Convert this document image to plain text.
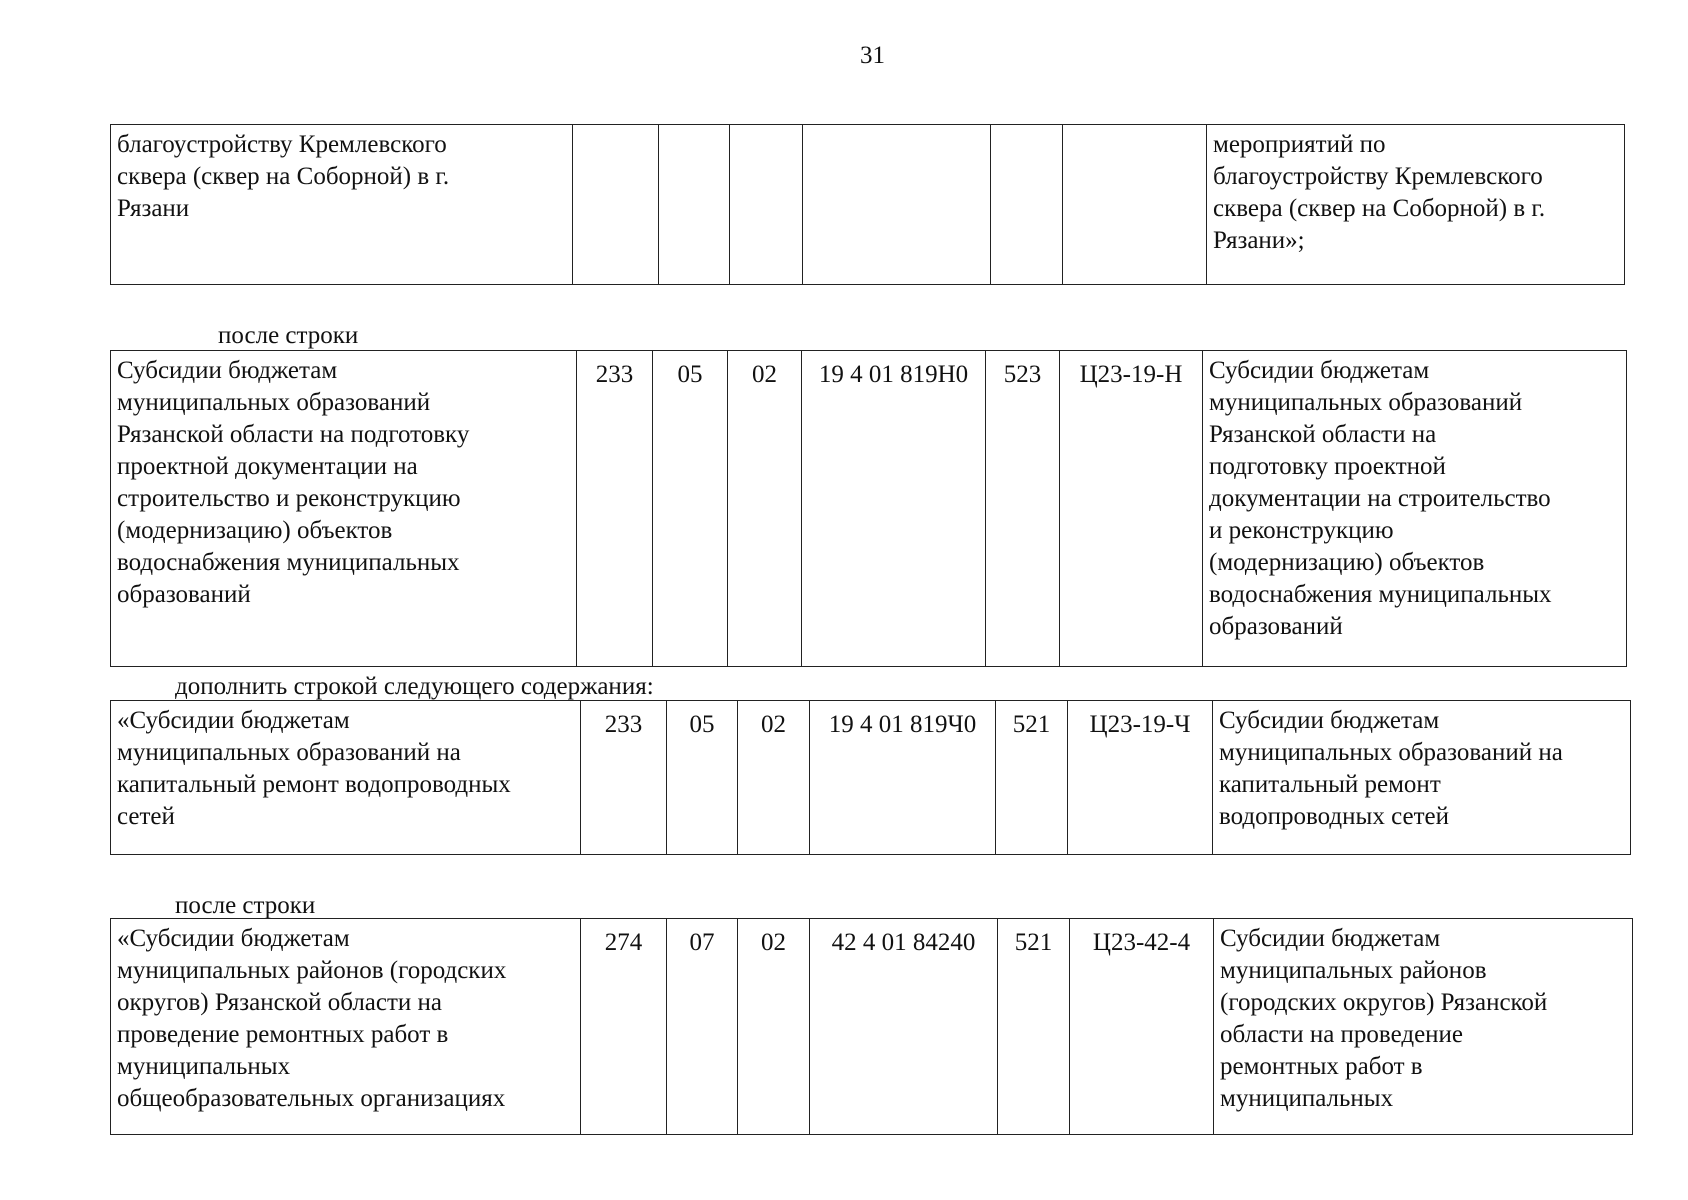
31
благоустройству Кремлевского
сквера (сквер на Соборной) в г.
Рязани							мероприятий по
благоустройству Кремлевского
сквера (сквер на Соборной) в г.
Рязани»;
после строки
Субсидии бюджетам
муниципальных образований
Рязанской области на подготовку
проектной документации на
строительство и реконструкцию
(модернизацию) объектов
водоснабжения муниципальных
образований	233	05	02	19 4 01 819Н0	523	Ц23-19-Н	Субсидии бюджетам
муниципальных образований
Рязанской области на
подготовку проектной
документации на строительство
и реконструкцию
(модернизацию) объектов
водоснабжения муниципальных
образований
дополнить строкой следующего содержания:
«Субсидии бюджетам
муниципальных образований на
капитальный ремонт водопроводных
сетей	233	05	02	19 4 01 819Ч0	521	Ц23-19-Ч	Субсидии бюджетам
муниципальных образований на
капитальный ремонт
водопроводных сетей
после строки
«Субсидии бюджетам
муниципальных районов (городских
округов) Рязанской области на
проведение ремонтных работ в
муниципальных
общеобразовательных организациях	274	07	02	42 4 01 84240	521	Ц23-42-4	Субсидии бюджетам
муниципальных районов
(городских округов) Рязанской
области на проведение
ремонтных работ в
муниципальных
